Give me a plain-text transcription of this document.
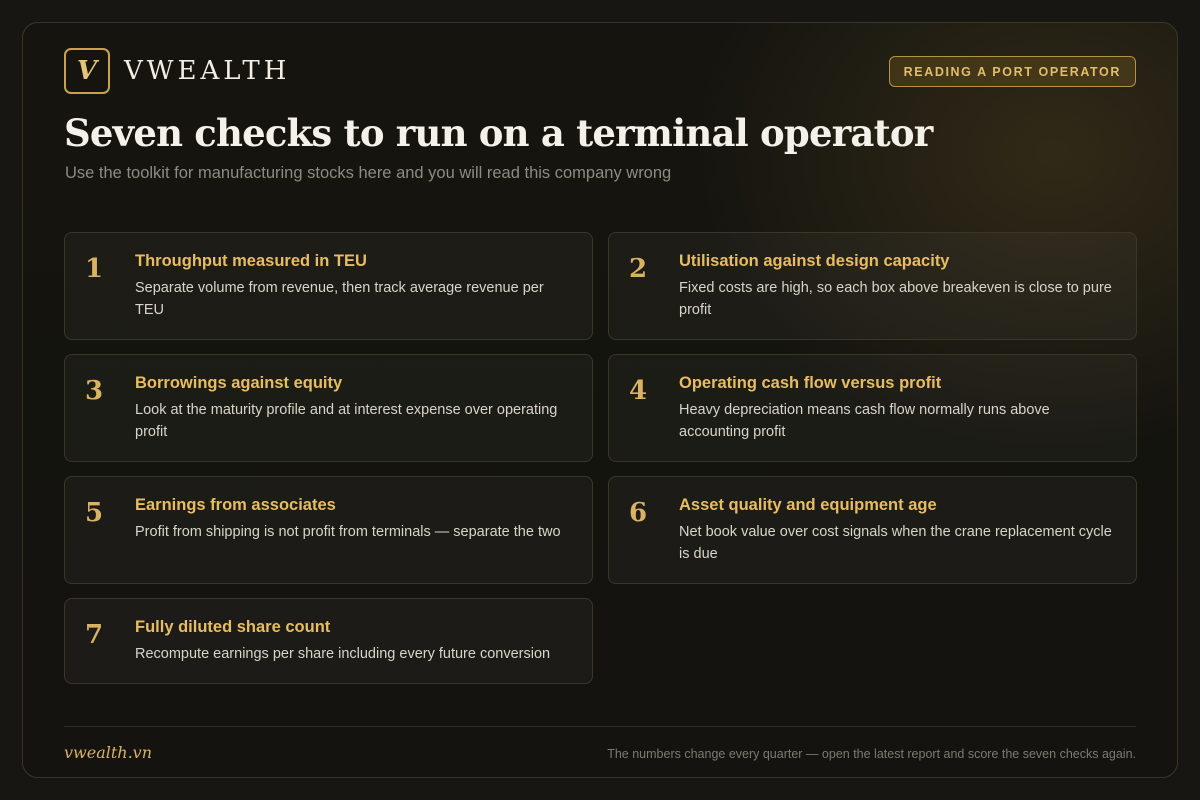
V	VWEALTH	READING A PORT OPERATOR
Seven checks to run on a terminal operator

Use the toolkit for manufacturing stocks here and you will read this company wrong

1	Throughput measured in TEU

Separate volume from revenue, then track average revenue per TEU

2	Utilisation against design capacity

Fixed costs are high, so each box above breakeven is close to pure profit

3	Borrowings against equity

Look at the maturity profile and at interest expense over operating profit

4	Operating cash flow versus profit

Heavy depreciation means cash flow normally runs above accounting profit

5	Earnings from associates

Profit from shipping is not profit from terminals — separate the two

6	Asset quality and equipment age

Net book value over cost signals when the crane replacement cycle is due

7	Fully diluted share count

Recompute earnings per share including every future conversion

vwealth.vn	The numbers change every quarter — open the latest report and score the seven checks again.
